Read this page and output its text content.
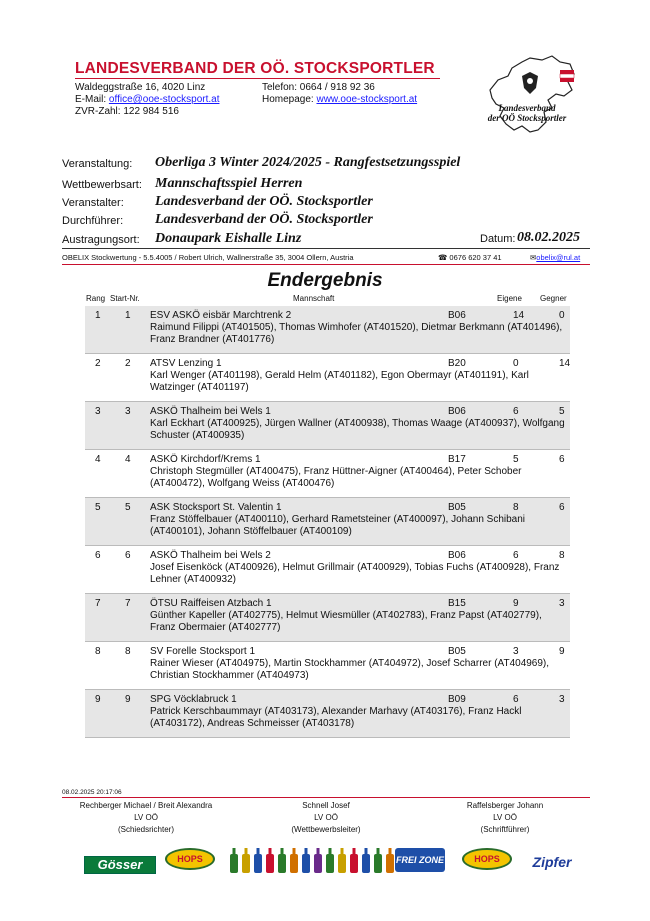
LANDESVERBAND DER OÖ. STOCKSPORTLER
Waldeggstraße 16, 4020 Linz
E-Mail: office@ooe-stocksport.at
ZVR-Zahl: 122 984 516
Telefon: 0664 / 918 92 36
Homepage: www.ooe-stocksport.at
Landesverband
der OÖ Stocksportler
Veranstaltung: Oberliga 3 Winter 2024/2025 - Rangfestsetzungsspiel
Wettbewerbsart: Mannschaftsspiel Herren
Veranstalter: Landesverband der OÖ. Stocksportler
Durchführer: Landesverband der OÖ. Stocksportler
Austragungsort: Donaupark Eishalle Linz	Datum: 08.02.2025
OBELIX Stockwertung - 5.5.4005 / Robert Ulrich, Wallnerstraße 35, 3004 Ollern, Austria	☎ 0676 620 37 41	✉obelix@rul.at
Endergebnis
Rang Start-Nr.	Mannschaft	Eigene Gegner
1 1 ESV ASKÖ eisbär Marchtrenk 2	B06	14	0
Raimund Filippi (AT401505), Thomas Wimhofer (AT401520), Dietmar Berkmann (AT401496), Franz Brandner (AT401776)
2 2 ATSV Lenzing 1	B20	0	14
Karl Wenger (AT401198), Gerald Helm (AT401182), Egon Obermayr (AT401191), Karl Watzinger (AT401197)
3 3 ASKÖ Thalheim bei Wels 1	B06	6	5
Karl Eckhart (AT400925), Jürgen Wallner (AT400938), Thomas Waage (AT400937), Wolfgang Schuster (AT400935)
4 4 ASKÖ Kirchdorf/Krems 1	B17	5	6
Christoph Stegmüller (AT400475), Franz Hüttner-Aigner (AT400464), Peter Schober (AT400472), Wolfgang Weiss (AT400476)
5 5 ASK Stocksport St. Valentin 1	B05	8	6
Franz Stöffelbauer (AT400110), Gerhard Rametsteiner (AT400097), Johann Schibani (AT400101), Johann Stöffelbauer (AT400109)
6 6 ASKÖ Thalheim bei Wels 2	B06	6	8
Josef Eisenköck (AT400926), Helmut Grillmair (AT400929), Tobias Fuchs (AT400928), Franz Lehner (AT400932)
7 7 ÖTSU Raiffeisen Atzbach 1	B15	9	3
Günther Kapeller (AT402775), Helmut Wiesmüller (AT402783), Franz Papst (AT402779), Franz Obermaier (AT402777)
8 8 SV Forelle Stocksport 1	B05	3	9
Rainer Wieser (AT404975), Martin Stockhammer (AT404972), Josef Scharrer (AT404969), Christian Stockhammer (AT404973)
9 9 SPG Vöcklabruck 1	B09	6	3
Patrick Kerschbaummayr (AT403173), Alexander Marhavy (AT403176), Franz Hackl (AT403172), Andreas Schmeisser (AT403178)
08.02.2025 20:17:06
Rechberger Michael / Breit Alexandra
LV OÖ
(Schiedsrichter)
Schnell Josef
LV OÖ
(Wettbewerbsleiter)
Raffelsberger Johann
LV OÖ
(Schriftführer)
Gösser	HOPS	FREI ZONE	HOPS	Zipfer
